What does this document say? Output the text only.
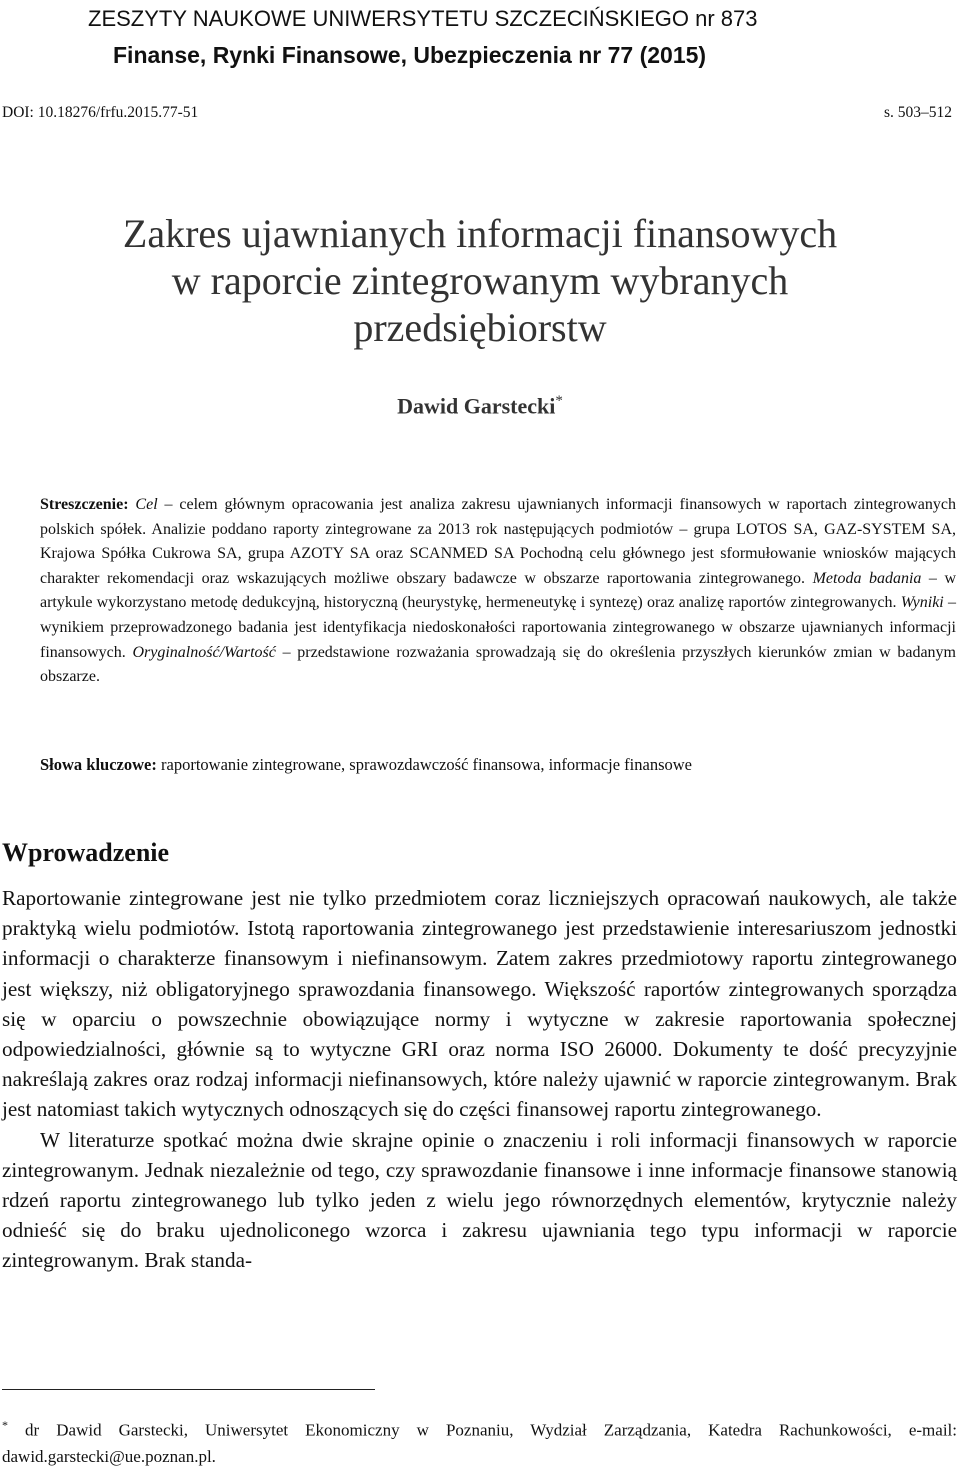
ZESZYTY NAUKOWE UNIWERSYTETU SZCZECIŃSKIEGO nr 873
Finanse, Rynki Finansowe, Ubezpieczenia nr 77 (2015)
DOI: 10.18276/frfu.2015.77-51	s. 503–512
Zakres ujawnianych informacji finansowych
w raporcie zintegrowanym wybranych
przedsiębiorstw
Dawid Garstecki*
Streszczenie: Cel – celem głównym opracowania jest analiza zakresu ujawnianych informacji finansowych w raportach zintegrowanych polskich spółek. Analizie poddano raporty zintegrowane za 2013 rok następujących podmiotów – grupa LOTOS SA, GAZ-SYSTEM SA, Krajowa Spółka Cukrowa SA, grupa AZOTY SA oraz SCANMED SA Pochodną celu głównego jest sformułowanie wniosków mających charakter rekomendacji oraz wskazujących możliwe obszary badawcze w obszarze raportowania zintegrowanego. Metoda badania – w artykule wykorzystano metodę dedukcyjną, historyczną (heurystykę, hermeneutykę i syntezę) oraz analizę raportów zintegrowanych. Wyniki – wynikiem przeprowadzonego badania jest identyfikacja niedoskonałości raportowania zintegrowanego w obszarze ujawnianych informacji finansowych. Oryginalność/Wartość – przedstawione rozważania sprowadzają się do określenia przyszłych kierunków zmian w badanym obszarze.
Słowa kluczowe: raportowanie zintegrowane, sprawozdawczość finansowa, informacje finansowe
Wprowadzenie

Raportowanie zintegrowane jest nie tylko przedmiotem coraz liczniejszych opracowań naukowych, ale także praktyką wielu podmiotów. Istotą raportowania zintegrowanego jest przedstawienie interesariuszom jednostki informacji o charakterze finansowym i niefinansowym. Zatem zakres przedmiotowy raportu zintegrowanego jest większy, niż obligatoryjnego sprawozdania finansowego. Większość raportów zintegrowanych sporządza się w oparciu o powszechnie obowiązujące normy i wytyczne w zakresie raportowania społecznej odpowiedzialności, głównie są to wytyczne GRI oraz norma ISO 26000. Dokumenty te dość precyzyjnie nakreślają zakres oraz rodzaj informacji niefinansowych, które należy ujawnić w raporcie zintegrowanym. Brak jest natomiast takich wytycznych odnoszących się do części finansowej raportu zintegrowanego.

W literaturze spotkać można dwie skrajne opinie o znaczeniu i roli informacji finansowych w raporcie zintegrowanym. Jednak niezależnie od tego, czy sprawozdanie finansowe i inne informacje finansowe stanowią rdzeń raportu zintegrowanego lub tylko jeden z wielu jego równorzędnych elementów, krytycznie należy odnieść się do braku ujednoliconego wzorca i zakresu ujawniania tego typu informacji w raporcie zintegrowanym. Brak standa-

* dr Dawid Garstecki, Uniwersytet Ekonomiczny w Poznaniu, Wydział Zarządzania, Katedra Rachunkowości, e-mail: dawid.garstecki@ue.poznan.pl.
